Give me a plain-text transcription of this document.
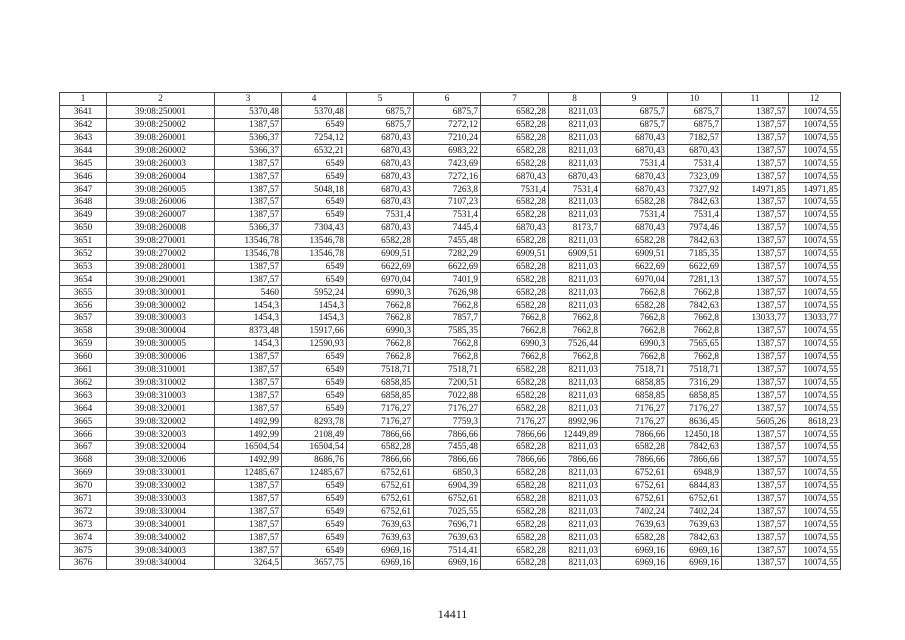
1	2	3	4	5	6	7	8	9	10	11	12
3641	39:08:250001	5370,48	5370,48	6875,7	6875,7	6582,28	8211,03	6875,7	6875,7	1387,57	10074,55
3642	39:08:250002	1387,57	6549	6875,7	7272,12	6582,28	8211,03	6875,7	6875,7	1387,57	10074,55
3643	39:08:260001	5366,37	7254,12	6870,43	7210,24	6582,28	8211,03	6870,43	7182,57	1387,57	10074,55
3644	39:08:260002	5366,37	6532,21	6870,43	6983,22	6582,28	8211,03	6870,43	6870,43	1387,57	10074,55
3645	39:08:260003	1387,57	6549	6870,43	7423,69	6582,28	8211,03	7531,4	7531,4	1387,57	10074,55
3646	39:08:260004	1387,57	6549	6870,43	7272,16	6870,43	6870,43	6870,43	7323,09	1387,57	10074,55
3647	39:08:260005	1387,57	5048,18	6870,43	7263,8	7531,4	7531,4	6870,43	7327,92	14971,85	14971,85
3648	39:08:260006	1387,57	6549	6870,43	7107,23	6582,28	8211,03	6582,28	7842,63	1387,57	10074,55
3649	39:08:260007	1387,57	6549	7531,4	7531,4	6582,28	8211,03	7531,4	7531,4	1387,57	10074,55
3650	39:08:260008	5366,37	7304,43	6870,43	7445,4	6870,43	8173,7	6870,43	7974,46	1387,57	10074,55
3651	39:08:270001	13546,78	13546,78	6582,28	7455,48	6582,28	8211,03	6582,28	7842,63	1387,57	10074,55
3652	39:08:270002	13546,78	13546,78	6909,51	7282,29	6909,51	6909,51	6909,51	7185,35	1387,57	10074,55
3653	39:08:280001	1387,57	6549	6622,69	6622,69	6582,28	8211,03	6622,69	6622,69	1387,57	10074,55
3654	39:08:290001	1387,57	6549	6970,04	7401,9	6582,28	8211,03	6970,04	7281,13	1387,57	10074,55
3655	39:08:300001	5460	5952,24	6990,3	7626,98	6582,28	8211,03	7662,8	7662,8	1387,57	10074,55
3656	39:08:300002	1454,3	1454,3	7662,8	7662,8	6582,28	8211,03	6582,28	7842,63	1387,57	10074,55
3657	39:08:300003	1454,3	1454,3	7662,8	7857,7	7662,8	7662,8	7662,8	7662,8	13033,77	13033,77
3658	39:08:300004	8373,48	15917,66	6990,3	7585,35	7662,8	7662,8	7662,8	7662,8	1387,57	10074,55
3659	39:08:300005	1454,3	12590,93	7662,8	7662,8	6990,3	7526,44	6990,3	7565,65	1387,57	10074,55
3660	39:08:300006	1387,57	6549	7662,8	7662,8	7662,8	7662,8	7662,8	7662,8	1387,57	10074,55
3661	39:08:310001	1387,57	6549	7518,71	7518,71	6582,28	8211,03	7518,71	7518,71	1387,57	10074,55
3662	39:08:310002	1387,57	6549	6858,85	7200,51	6582,28	8211,03	6858,85	7316,29	1387,57	10074,55
3663	39:08:310003	1387,57	6549	6858,85	7022,88	6582,28	8211,03	6858,85	6858,85	1387,57	10074,55
3664	39:08:320001	1387,57	6549	7176,27	7176,27	6582,28	8211,03	7176,27	7176,27	1387,57	10074,55
3665	39:08:320002	1492,99	8293,78	7176,27	7759,3	7176,27	8992,96	7176,27	8636,45	5605,26	8618,23
3666	39:08:320003	1492,99	2108,49	7866,66	7866,66	7866,66	12449,89	7866,66	12450,18	1387,57	10074,55
3667	39:08:320004	16504,54	16504,54	6582,28	7455,48	6582,28	8211,03	6582,28	7842,63	1387,57	10074,55
3668	39:08:320006	1492,99	8686,76	7866,66	7866,66	7866,66	7866,66	7866,66	7866,66	1387,57	10074,55
3669	39:08:330001	12485,67	12485,67	6752,61	6850,3	6582,28	8211,03	6752,61	6948,9	1387,57	10074,55
3670	39:08:330002	1387,57	6549	6752,61	6904,39	6582,28	8211,03	6752,61	6844,83	1387,57	10074,55
3671	39:08:330003	1387,57	6549	6752,61	6752,61	6582,28	8211,03	6752,61	6752,61	1387,57	10074,55
3672	39:08:330004	1387,57	6549	6752,61	7025,55	6582,28	8211,03	7402,24	7402,24	1387,57	10074,55
3673	39:08:340001	1387,57	6549	7639,63	7696,71	6582,28	8211,03	7639,63	7639,63	1387,57	10074,55
3674	39:08:340002	1387,57	6549	7639,63	7639,63	6582,28	8211,03	6582,28	7842,63	1387,57	10074,55
3675	39:08:340003	1387,57	6549	6969,16	7514,41	6582,28	8211,03	6969,16	6969,16	1387,57	10074,55
3676	39:08:340004	3264,5	3657,75	6969,16	6969,16	6582,28	8211,03	6969,16	6969,16	1387,57	10074,55
14411
